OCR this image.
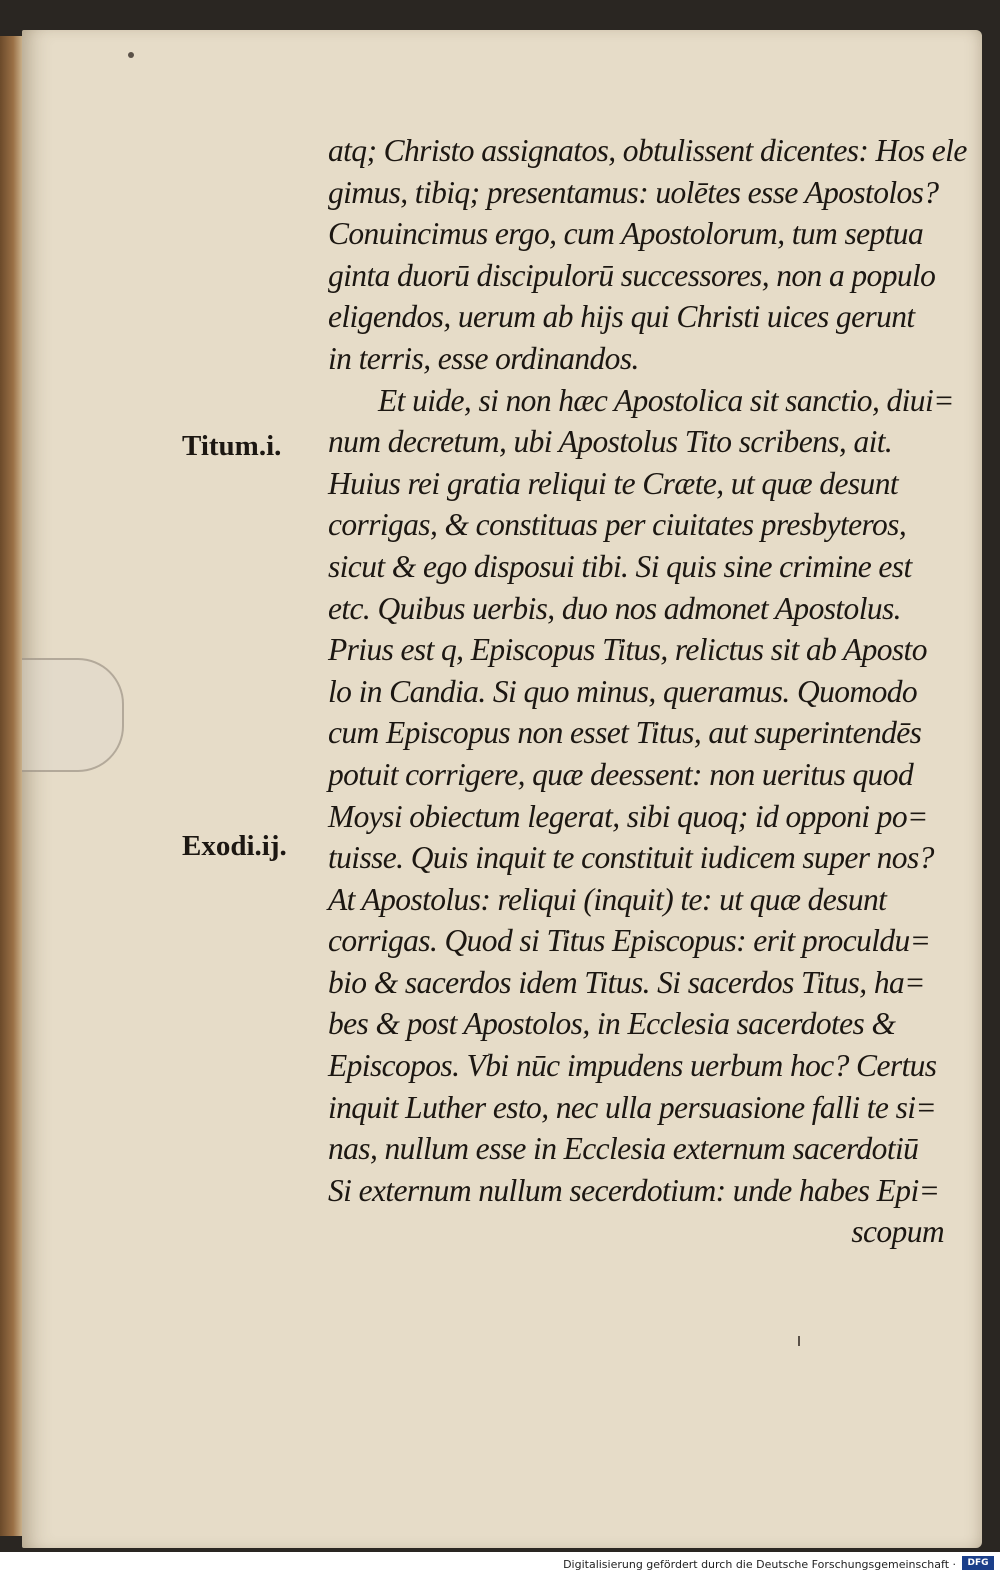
Titum.i.
Exodi.ij.
atq; Christo assignatos, obtulissent dicentes: Hos ele
gimus, tibiq; presentamus: uolētes esse Apostolos?
Conuincimus ergo, cum Apostolorum, tum septua
ginta duorū discipulorū successores, non a populo
eligendos, uerum ab hijs qui Christi uices gerunt
in terris, esse ordinandos.
Et uide, si non hæc Apostolica sit sanctio, diui=
num decretum, ubi Apostolus Tito scribens, ait.
Huius rei gratia reliqui te Cræte, ut quæ desunt
corrigas, & constituas per ciuitates presbyteros,
sicut & ego disposui tibi. Si quis sine crimine est
etc. Quibus uerbis, duo nos admonet Apostolus.
Prius est q, Episcopus Titus, relictus sit ab Aposto
lo in Candia. Si quo minus, queramus. Quomodo
cum Episcopus non esset Titus, aut superintendēs
potuit corrigere, quæ deessent: non ueritus quod
Moysi obiectum legerat, sibi quoq; id opponi po=
tuisse. Quis inquit te constituit iudicem super nos?
At Apostolus: reliqui (inquit) te: ut quæ desunt
corrigas. Quod si Titus Episcopus: erit proculdu=
bio & sacerdos idem Titus. Si sacerdos Titus, ha=
bes & post Apostolos, in Ecclesia sacerdotes &
Episcopos. Vbi nūc impudens uerbum hoc? Certus
inquit Luther esto, nec ulla persuasione falli te si=
nas, nullum esse in Ecclesia externum sacerdotiū
Si externum nullum secerdotium: unde habes Epi=
scopum
Digitalisierung gefördert durch die Deutsche Forschungsgemeinschaft ·	DFG
